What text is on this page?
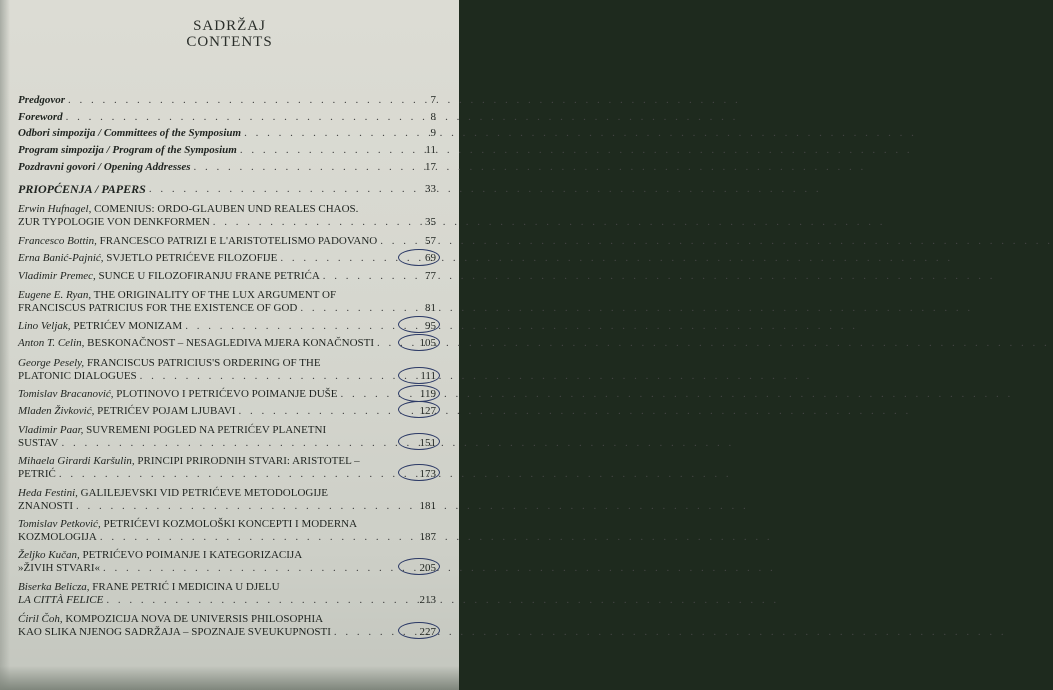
SADRŽAJ
CONTENTS
Predgovor . . .	7
Foreword . . .	8
Odbori simpozija / Committees of the Symposium . . .	9
Program simpozija / Program of the Symposium . . .	11
Pozdravni govori / Opening Addresses . . .	17
PRIOPĆENJA / PAPERS . . .	33
Erwin Hufnagel, COMENIUS: ORDO-GLAUBEN UND REALES CHAOS.
ZUR TYPOLOGIE VON DENKFORMEN . . .	35
Francesco Bottin, FRANCESCO PATRIZI E L'ARISTOTELISMO PADOVANO . . .	57
Erna Banić-Pajnić, SVJETLO PETRIĆEVE FILOZOFIJE . . .	69
Vladimir Premec, SUNCE U FILOZOFIRANJU FRANE PETRIĆA . . .	77
Eugene E. Ryan, THE ORIGINALITY OF THE LUX ARGUMENT OF
FRANCISCUS PATRICIUS FOR THE EXISTENCE OF GOD . . .	81
Lino Veljak, PETRIĆEV MONIZAM . . .	95
Anton T. Celin, BESKONAČNOST – NESAGLEDIVA MJERA KONAČNOSTI . . .	105
George Pesely, FRANCISCUS PATRICIUS'S ORDERING OF THE
PLATONIC DIALOGUES . . .	111
Tomislav Bracanović, PLOTINOVO I PETRIĆEVO POIMANJE DUŠE . . .	119
Mladen Živković, PETRIĆEV POJAM LJUBAVI . . .	127
Vladimir Paar, SUVREMENI POGLED NA PETRIĆEV PLANETNI
SUSTAV . . .	151
Mihaela Girardi Karšulin, PRINCIPI PRIRODNIH STVARI: ARISTOTEL –
PETRIĆ . . .	173
Heda Festini, GALILEJEVSKI VID PETRIĆEVE METODOLOGIJE
ZNANOSTI . . .	181
Tomislav Petković, PETRIĆEVI KOZMOLOŠKI KONCEPTI I MODERNA
KOZMOLOGIJA . . .	187
Željko Kučan, PETRIĆEVO POIMANJE I KATEGORIZACIJA
»ŽIVIH STVARI« . . .	205
Biserka Belicza, FRANE PETRIĆ I MEDICINA U DJELU
LA CITTÀ FELICE . . .	213
Ćiril Čoh, KOMPOZICIJA NOVA DE UNIVERSIS PHILOSOPHIA
KAO SLIKA NJENOG SADRŽAJA – SPOZNAJE SVEUKUPNOSTI . . .	227
